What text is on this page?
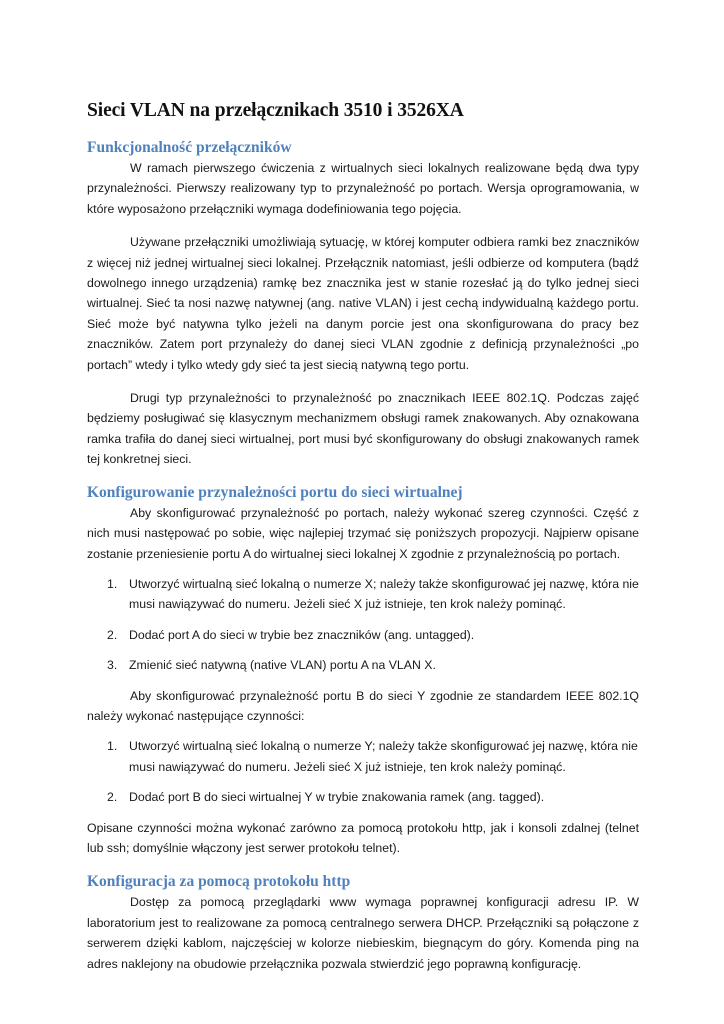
Sieci VLAN na przełącznikach 3510 i 3526XA
Funkcjonalność przełączników

W ramach pierwszego ćwiczenia z wirtualnych sieci lokalnych realizowane będą dwa typy przynależności. Pierwszy realizowany typ to przynależność po portach. Wersja oprogramowania, w które wyposażono przełączniki wymaga dodefiniowania tego pojęcia.

Używane przełączniki umożliwiają sytuację, w której komputer odbiera ramki bez znaczników z więcej niż jednej wirtualnej sieci lokalnej. Przełącznik natomiast, jeśli odbierze od komputera (bądź dowolnego innego urządzenia) ramkę bez znacznika jest w stanie rozesłać ją do tylko jednej sieci wirtualnej. Sieć ta nosi nazwę natywnej (ang. native VLAN) i jest cechą indywidualną każdego portu. Sieć może być natywna tylko jeżeli na danym porcie jest ona skonfigurowana do pracy bez znaczników. Zatem port przynależy do danej sieci VLAN zgodnie z definicją przynależności „po portach” wtedy i tylko wtedy gdy sieć ta jest siecią natywną tego portu.

Drugi typ przynależności to przynależność po znacznikach IEEE 802.1Q. Podczas zajęć będziemy posługiwać się klasycznym mechanizmem obsługi ramek znakowanych. Aby oznakowana ramka trafiła do danej sieci wirtualnej, port musi być skonfigurowany do obsługi znakowanych ramek tej konkretnej sieci.

Konfigurowanie przynależności portu do sieci wirtualnej

Aby skonfigurować przynależność po portach, należy wykonać szereg czynności. Część z nich musi następować po sobie, więc najlepiej trzymać się poniższych propozycji. Najpierw opisane zostanie przeniesienie portu A do wirtualnej sieci lokalnej X zgodnie z przynależnością po portach.

1. Utworzyć wirtualną sieć lokalną o numerze X; należy także skonfigurować jej nazwę, która nie musi nawiązywać do numeru. Jeżeli sieć X już istnieje, ten krok należy pominąć.
2. Dodać port A do sieci w trybie bez znaczników (ang. untagged).
3. Zmienić sieć natywną (native VLAN) portu A na VLAN X.

Aby skonfigurować przynależność portu B do sieci Y zgodnie ze standardem IEEE 802.1Q należy wykonać następujące czynności:

1. Utworzyć wirtualną sieć lokalną o numerze Y; należy także skonfigurować jej nazwę, która nie musi nawiązywać do numeru. Jeżeli sieć X już istnieje, ten krok należy pominąć.
2. Dodać port B do sieci wirtualnej Y w trybie znakowania ramek (ang. tagged).

Opisane czynności można wykonać zarówno za pomocą protokołu http, jak i konsoli zdalnej (telnet lub ssh; domyślnie włączony jest serwer protokołu telnet).

Konfiguracja za pomocą protokołu http

Dostęp za pomocą przeglądarki www wymaga poprawnej konfiguracji adresu IP. W laboratorium jest to realizowane za pomocą centralnego serwera DHCP. Przełączniki są połączone z serwerem dzięki kablom, najczęściej w kolorze niebieskim, biegnącym do góry. Komenda ping na adres naklejony na obudowie przełącznika pozwala stwierdzić jego poprawną konfigurację.
